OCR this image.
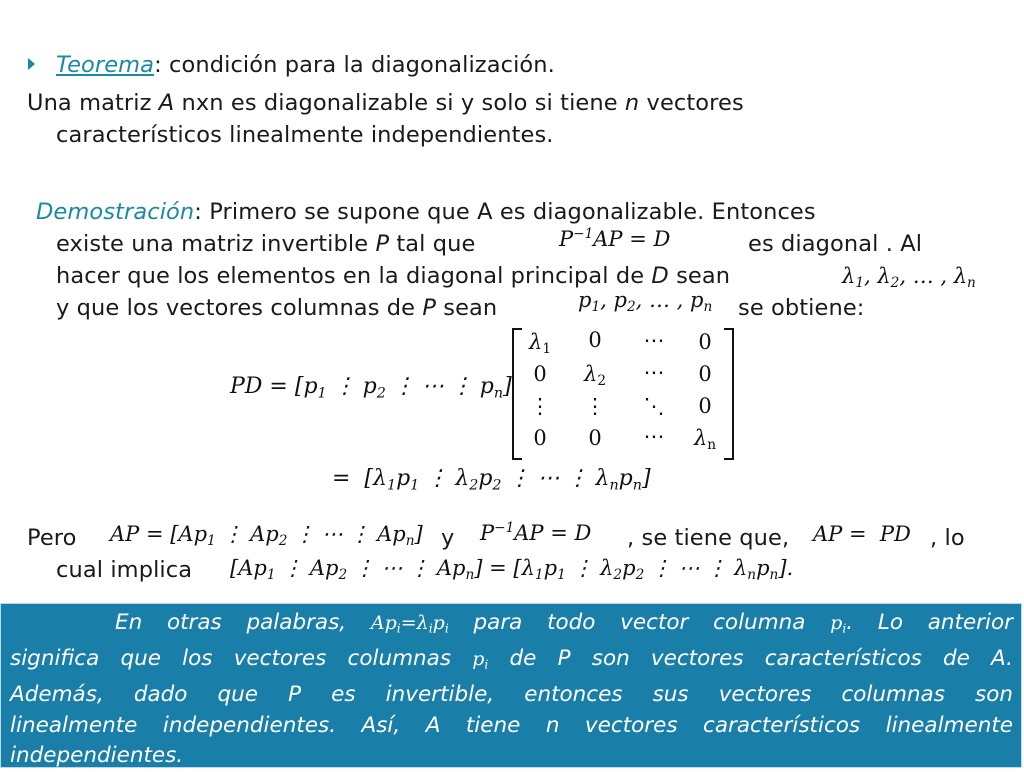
Teorema: condición para la diagonalización.
Una matriz A nxn es diagonalizable si y solo si tiene n vectores
característicos linealmente independientes.
Demostración: Primero se supone que A es diagonalizable. Entonces
existe una matriz invertible P tal que	$P^{-1}AP = D$	es diagonal . Al
hacer que los elementos en la diagonal principal de D sean	$\lambda_1$, $\lambda_2$, … , $\lambda_n$
y que los vectores columnas de P sean	$p_1$, $p_2$, … , $p_n$ se obtiene:
PD = [$p_1$ ⋮ $p_2$ ⋮ ⋯ ⋮ $p_n$]
$\lambda_1$	0	⋯	0
0	$\lambda_2$	⋯	0
⋮	⋮	⋱	0
0	0	⋯	$\lambda_n$
=  [$\lambda_1p_1$ ⋮ $\lambda_2p_2$ ⋮ ⋯ ⋮ $\lambda_np_n$]
Pero AP = [$Ap_1$ ⋮ $Ap_2$ ⋮ ⋯ ⋮ $Ap_n$] y $P^{-1}AP = D$ , se tiene que, AP =  PD , lo
cual implica [$Ap_1$ ⋮ $Ap_2$ ⋮ ⋯ ⋮ $Ap_n] = [\lambda_1p_1$ ⋮ $\lambda_2p_2$ ⋮ ⋯ ⋮ $\lambda_np_n$].
En otras palabras, $Ap_i=\lambda_ip_i$ para todo vector columna $p_i$. Lo anterior
significa que los vectores columnas $p_i$ de P son vectores característicos de A.
Además, dado que P es invertible, entonces sus vectores columnas son
linealmente independientes. Así, A tiene n vectores característicos linealmente
independientes.
